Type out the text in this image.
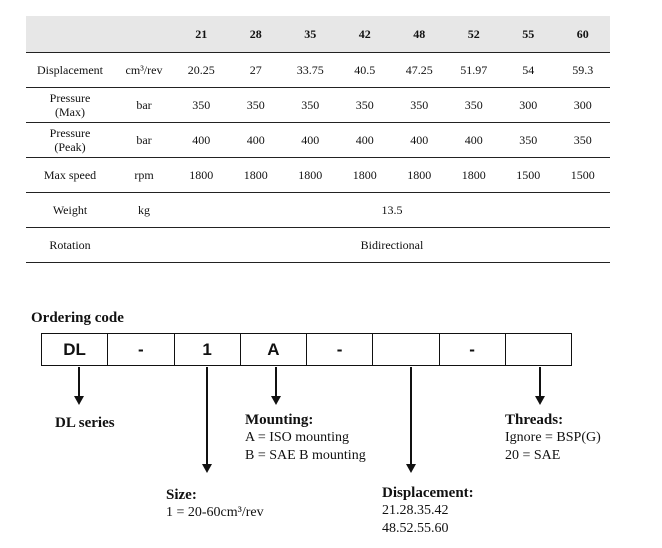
		21	28	35	42	48	52	55	60

Displacement	cm³/rev	20.25	27	33.75	40.5	47.25	51.97	54	59.3

Pressure
(Max)	bar	350	350	350	350	350	350	300	300

Pressure
(Peak)	bar	400	400	400	400	400	400	350	350

Max speed	rpm	1800	1800	1800	1800	1800	1800	1500	1500

Weight	kg	13.5							

Rotation		Bidirectional							
Ordering code
DL	-	1	A	-	-
DL series	Mounting:
A = ISO mounting
B = SAE B mounting
Threads:
Ignore = BSP(G)
20 = SAE
Size:
1 = 20-60cm³/rev
Displacement:
21.28.35.42
48.52.55.60
